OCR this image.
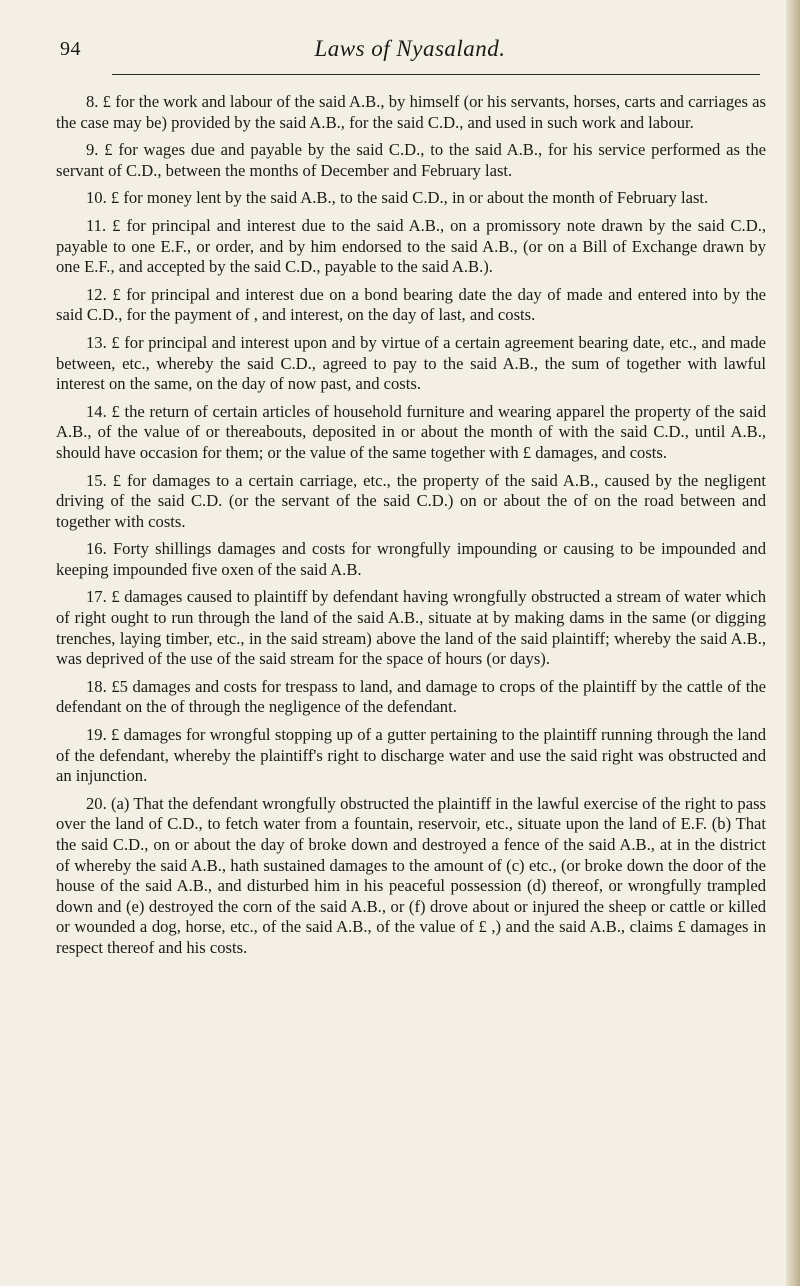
94	Laws of Nyasaland.

8. £ for the work and labour of the said A.B., by himself (or his servants, horses, carts and carriages as the case may be) provided by the said A.B., for the said C.D., and used in such work and labour.

9. £ for wages due and payable by the said C.D., to the said A.B., for his service performed as the servant of C.D., between the months of December and February last.

10. £ for money lent by the said A.B., to the said C.D., in or about the month of February last.

11. £ for principal and interest due to the said A.B., on a promissory note drawn by the said C.D., payable to one E.F., or order, and by him endorsed to the said A.B., (or on a Bill of Exchange drawn by one E.F., and accepted by the said C.D., payable to the said A.B.).

12. £ for principal and interest due on a bond bearing date the day of made and entered into by the said C.D., for the payment of , and interest, on the day of last, and costs.

13. £ for principal and interest upon and by virtue of a certain agreement bearing date, etc., and made between, etc., whereby the said C.D., agreed to pay to the said A.B., the sum of together with lawful interest on the same, on the day of now past, and costs.

14. £ the return of certain articles of household furniture and wearing apparel the property of the said A.B., of the value of or thereabouts, deposited in or about the month of with the said C.D., until A.B., should have occasion for them; or the value of the same together with £ damages, and costs.

15. £ for damages to a certain carriage, etc., the property of the said A.B., caused by the negligent driving of the said C.D. (or the servant of the said C.D.) on or about the of on the road between and together with costs.

16. Forty shillings damages and costs for wrongfully impounding or causing to be impounded and keeping impounded five oxen of the said A.B.

17. £ damages caused to plaintiff by defendant having wrongfully obstructed a stream of water which of right ought to run through the land of the said A.B., situate at by making dams in the same (or digging trenches, laying timber, etc., in the said stream) above the land of the said plaintiff; whereby the said A.B., was deprived of the use of the said stream for the space of hours (or days).

18. £5 damages and costs for trespass to land, and damage to crops of the plaintiff by the cattle of the defendant on the of through the negligence of the defendant.

19. £ damages for wrongful stopping up of a gutter pertaining to the plaintiff running through the land of the defendant, whereby the plaintiff's right to discharge water and use the said right was obstructed and an injunction.

20. (a) That the defendant wrongfully obstructed the plaintiff in the lawful exercise of the right to pass over the land of C.D., to fetch water from a fountain, reservoir, etc., situate upon the land of E.F. (b) That the said C.D., on or about the day of broke down and destroyed a fence of the said A.B., at in the district of whereby the said A.B., hath sustained damages to the amount of (c) etc., (or broke down the door of the house of the said A.B., and disturbed him in his peaceful possession (d) thereof, or wrongfully trampled down and (e) destroyed the corn of the said A.B., or (f) drove about or injured the sheep or cattle or killed or wounded a dog, horse, etc., of the said A.B., of the value of £ ,) and the said A.B., claims £ damages in respect thereof and his costs.
